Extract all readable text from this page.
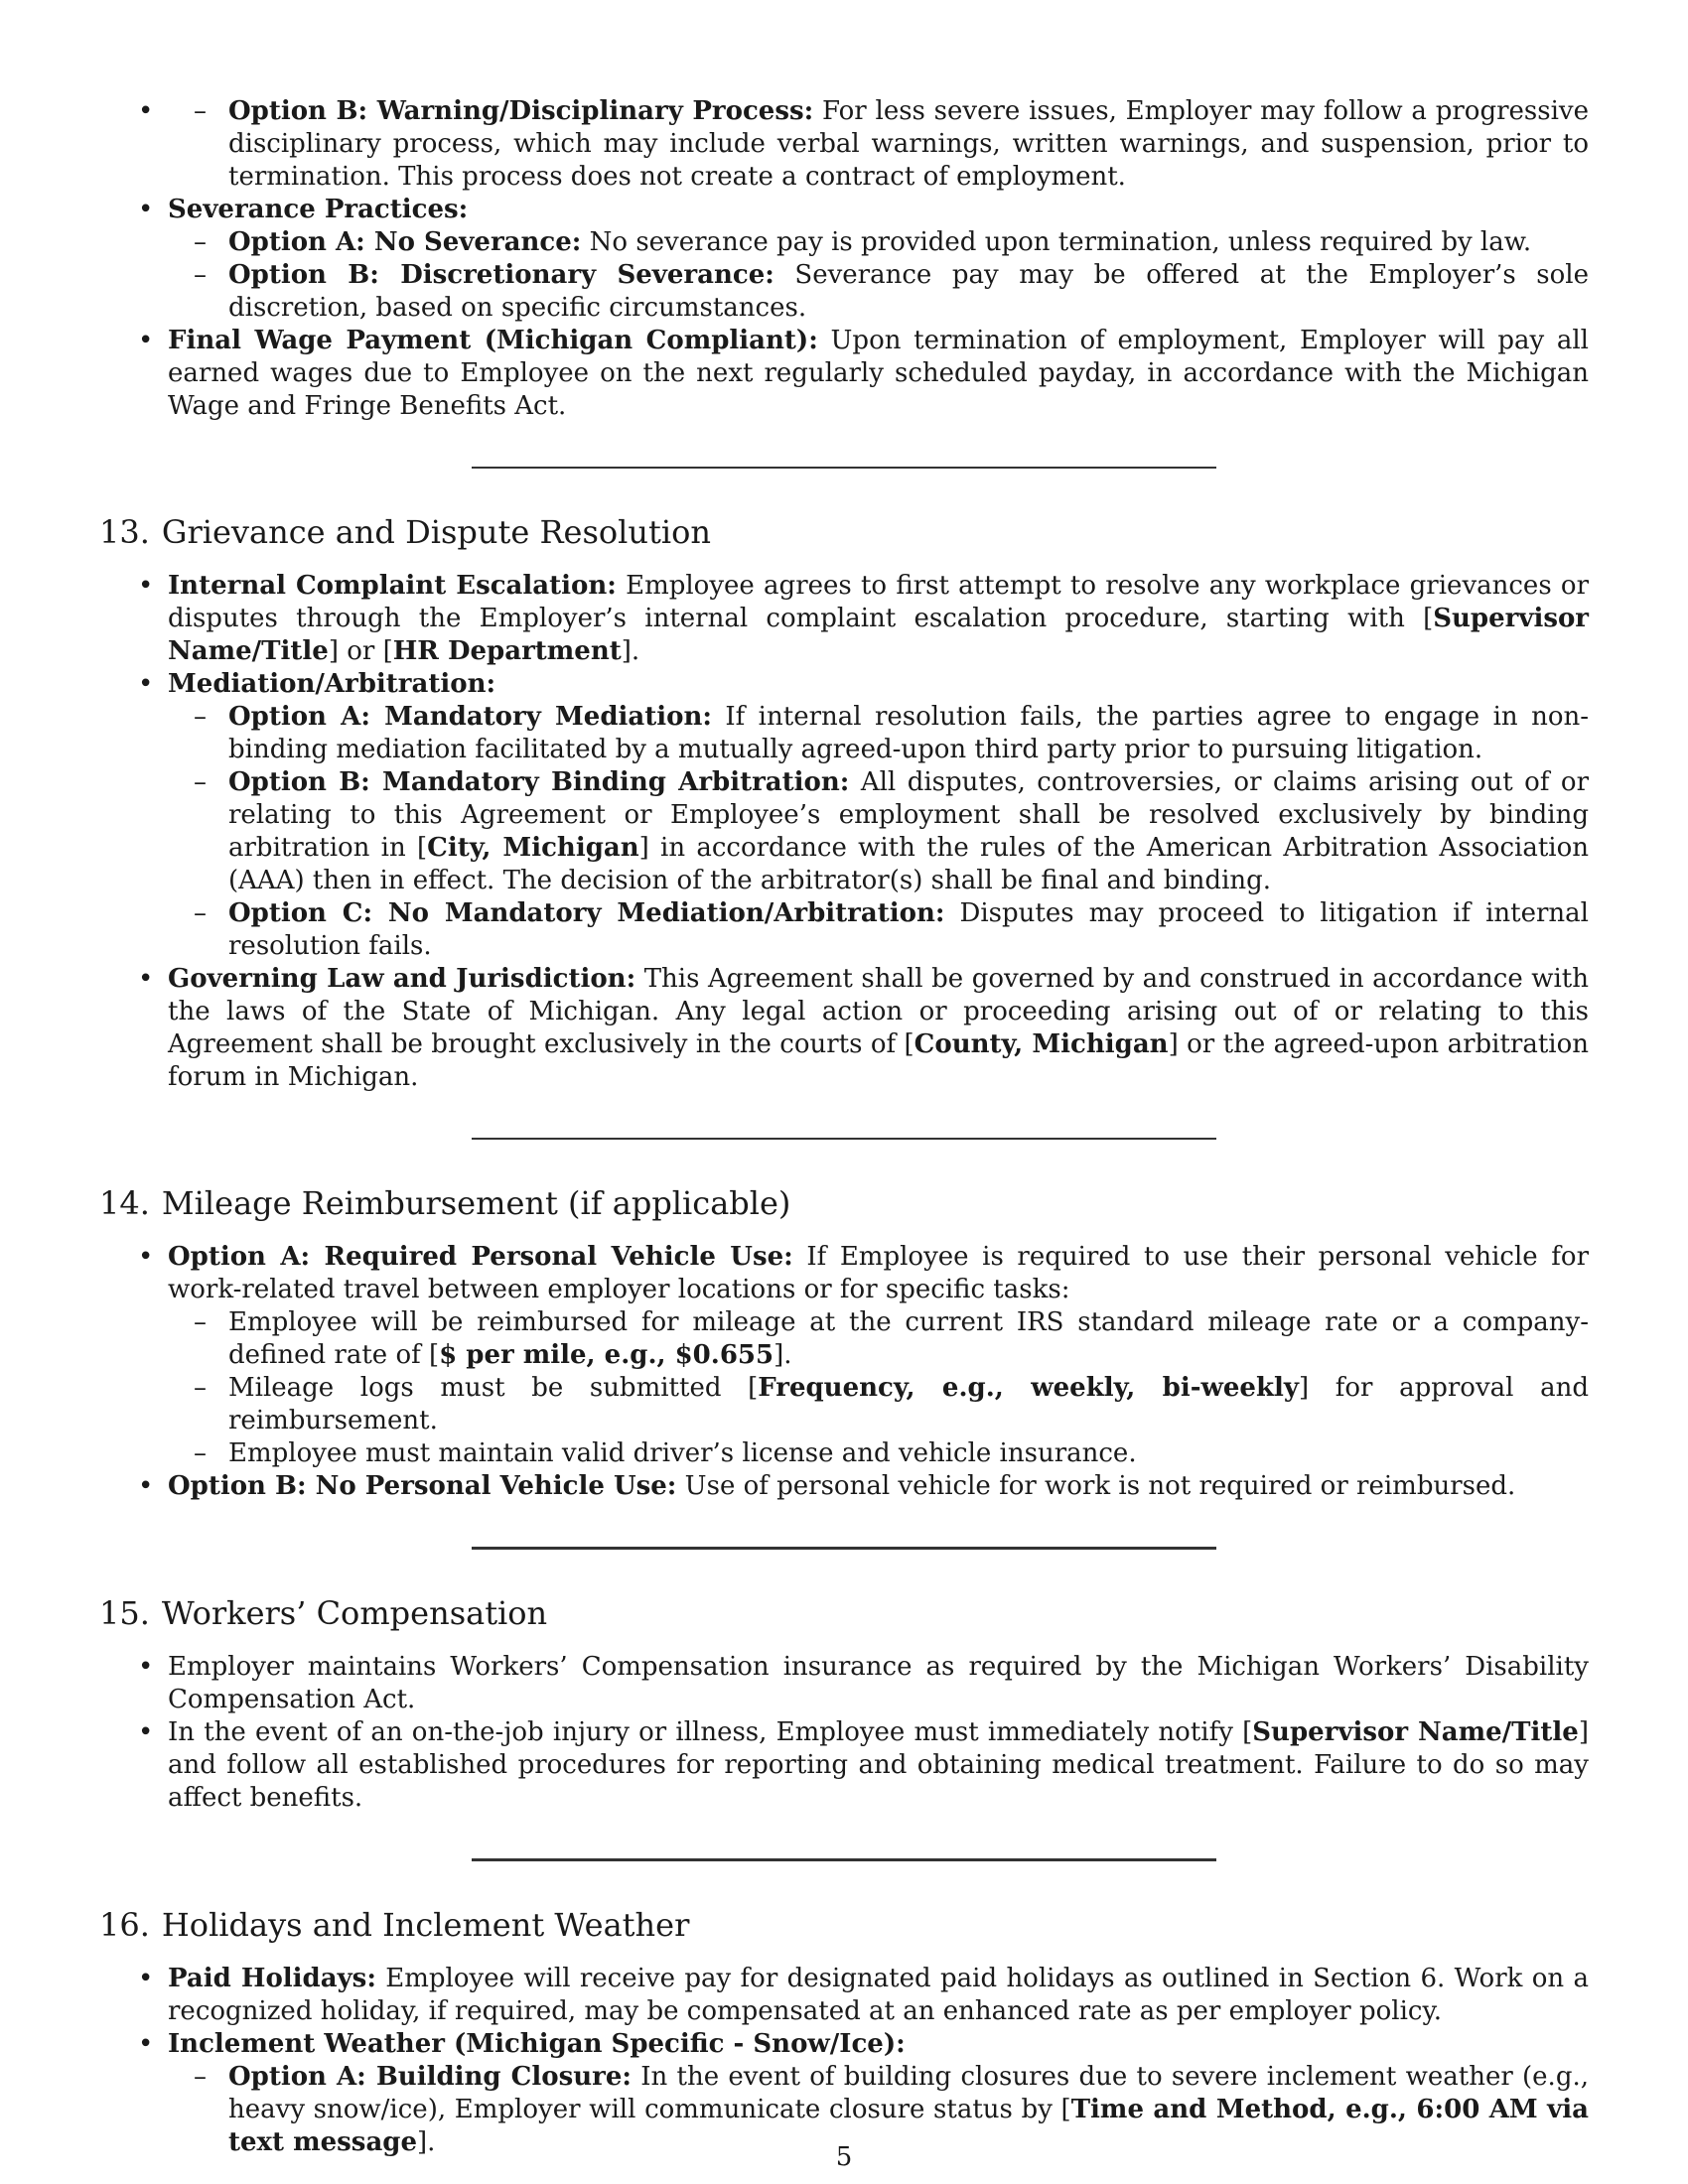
– • Option B: Warning/Disciplinary Process: For less severe issues, Employer may follow a progressive disciplinary process, which may include verbal warnings, written warnings, and suspension, prior to termination. This process does not create a contract of employment.
• Severance Practices:
– Option A: No Severance: No severance pay is provided upon termination, unless required by law.
– Option B: Discretionary Severance: Severance pay may be offered at the Employer’s sole discretion, based on specific circumstances.
• Final Wage Payment (Michigan Compliant): Upon termination of employment, Employer will pay all earned wages due to Employee on the next regularly scheduled payday, in accordance with the Michigan Wage and Fringe Benefits Act.
13. Grievance and Dispute Resolution
• Internal Complaint Escalation: Employee agrees to first attempt to resolve any workplace grievances or disputes through the Employer’s internal complaint escalation procedure, starting with [Supervisor Name/Title] or [HR Department].
• Mediation/Arbitration:
– Option A: Mandatory Mediation: If internal resolution fails, the parties agree to engage in non-binding mediation facilitated by a mutually agreed-upon third party prior to pursuing litigation.
– Option B: Mandatory Binding Arbitration: All disputes, controversies, or claims arising out of or relating to this Agreement or Employee’s employment shall be resolved exclusively by binding arbitration in [City, Michigan] in accordance with the rules of the American Arbitration Association (AAA) then in effect. The decision of the arbitrator(s) shall be final and binding.
– Option C: No Mandatory Mediation/Arbitration: Disputes may proceed to litigation if internal resolution fails.
• Governing Law and Jurisdiction: This Agreement shall be governed by and construed in accordance with the laws of the State of Michigan. Any legal action or proceeding arising out of or relating to this Agreement shall be brought exclusively in the courts of [County, Michigan] or the agreed-upon arbitration forum in Michigan.
14. Mileage Reimbursement (if applicable)
• Option A: Required Personal Vehicle Use: If Employee is required to use their personal vehicle for work-related travel between employer locations or for specific tasks:
– Employee will be reimbursed for mileage at the current IRS standard mileage rate or a company-defined rate of [$ per mile, e.g., $0.655].
– Mileage logs must be submitted [Frequency, e.g., weekly, bi-weekly] for approval and reimbursement.
– Employee must maintain valid driver’s license and vehicle insurance.
• Option B: No Personal Vehicle Use: Use of personal vehicle for work is not required or reimbursed.
15. Workers’ Compensation
• Employer maintains Workers’ Compensation insurance as required by the Michigan Workers’ Disability Compensation Act.
• In the event of an on-the-job injury or illness, Employee must immediately notify [Supervisor Name/Title] and follow all established procedures for reporting and obtaining medical treatment. Failure to do so may affect benefits.
16. Holidays and Inclement Weather
• Paid Holidays: Employee will receive pay for designated paid holidays as outlined in Section 6. Work on a recognized holiday, if required, may be compensated at an enhanced rate as per employer policy.
• Inclement Weather (Michigan Specific - Snow/Ice):
– Option A: Building Closure: In the event of building closures due to severe inclement weather (e.g., heavy snow/ice), Employer will communicate closure status by [Time and Method, e.g., 6:00 AM via text message].	5
